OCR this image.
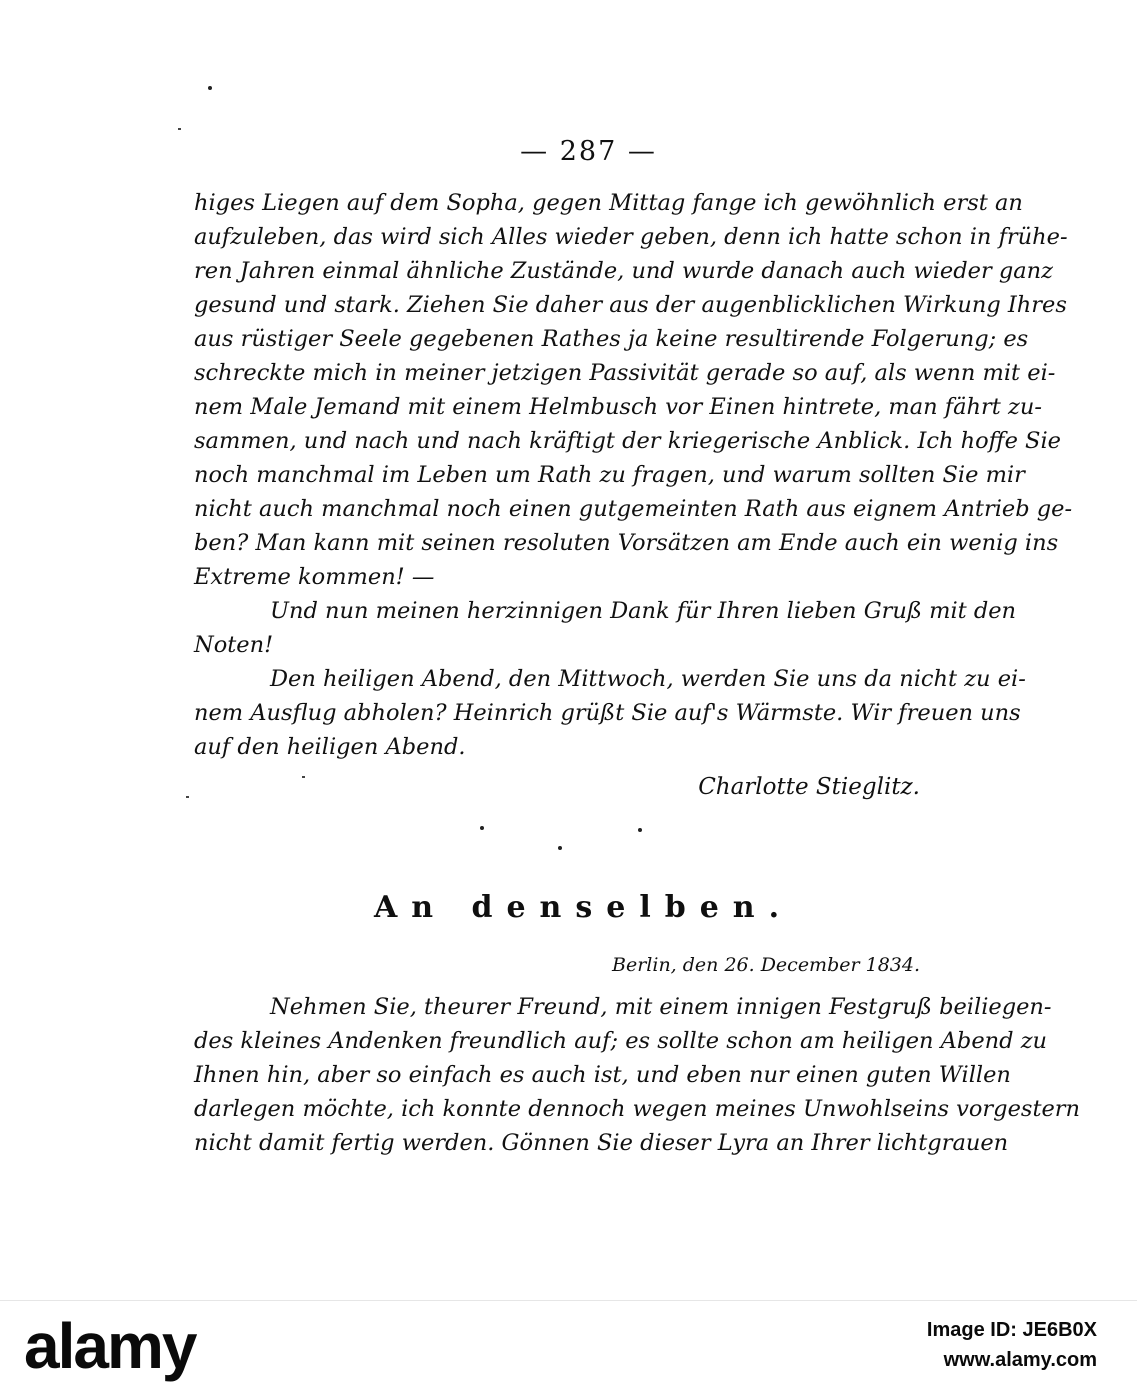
— 287 —
higes Liegen auf dem Sopha, gegen Mittag fange ich gewöhnlich erst an
aufzuleben, das wird sich Alles wieder geben, denn ich hatte schon in frühe-
ren Jahren einmal ähnliche Zustände, und wurde danach auch wieder ganz
gesund und stark. Ziehen Sie daher aus der augenblicklichen Wirkung Ihres
aus rüstiger Seele gegebenen Rathes ja keine resultirende Folgerung; es
schreckte mich in meiner jetzigen Passivität gerade so auf, als wenn mit ei-
nem Male Jemand mit einem Helmbusch vor Einen hintrete, man fährt zu-
sammen, und nach und nach kräftigt der kriegerische Anblick. Ich hoffe Sie
noch manchmal im Leben um Rath zu fragen, und warum sollten Sie mir
nicht auch manchmal noch einen gutgemeinten Rath aus eignem Antrieb ge-
ben? Man kann mit seinen resoluten Vorsätzen am Ende auch ein wenig ins
Extreme kommen! —
Und nun meinen herzinnigen Dank für Ihren lieben Gruß mit den
Noten!
Den heiligen Abend, den Mittwoch, werden Sie uns da nicht zu ei-
nem Ausflug abholen? Heinrich grüßt Sie auf's Wärmste. Wir freuen uns
auf den heiligen Abend.
Charlotte Stieglitz.
An denselben.
Berlin, den 26. December 1834.
Nehmen Sie, theurer Freund, mit einem innigen Festgruß beiliegen-
des kleines Andenken freundlich auf; es sollte schon am heiligen Abend zu
Ihnen hin, aber so einfach es auch ist, und eben nur einen guten Willen
darlegen möchte, ich konnte dennoch wegen meines Unwohlseins vorgestern
nicht damit fertig werden. Gönnen Sie dieser Lyra an Ihrer lichtgrauen
alamy	Image ID: JE6B0X
www.alamy.com
